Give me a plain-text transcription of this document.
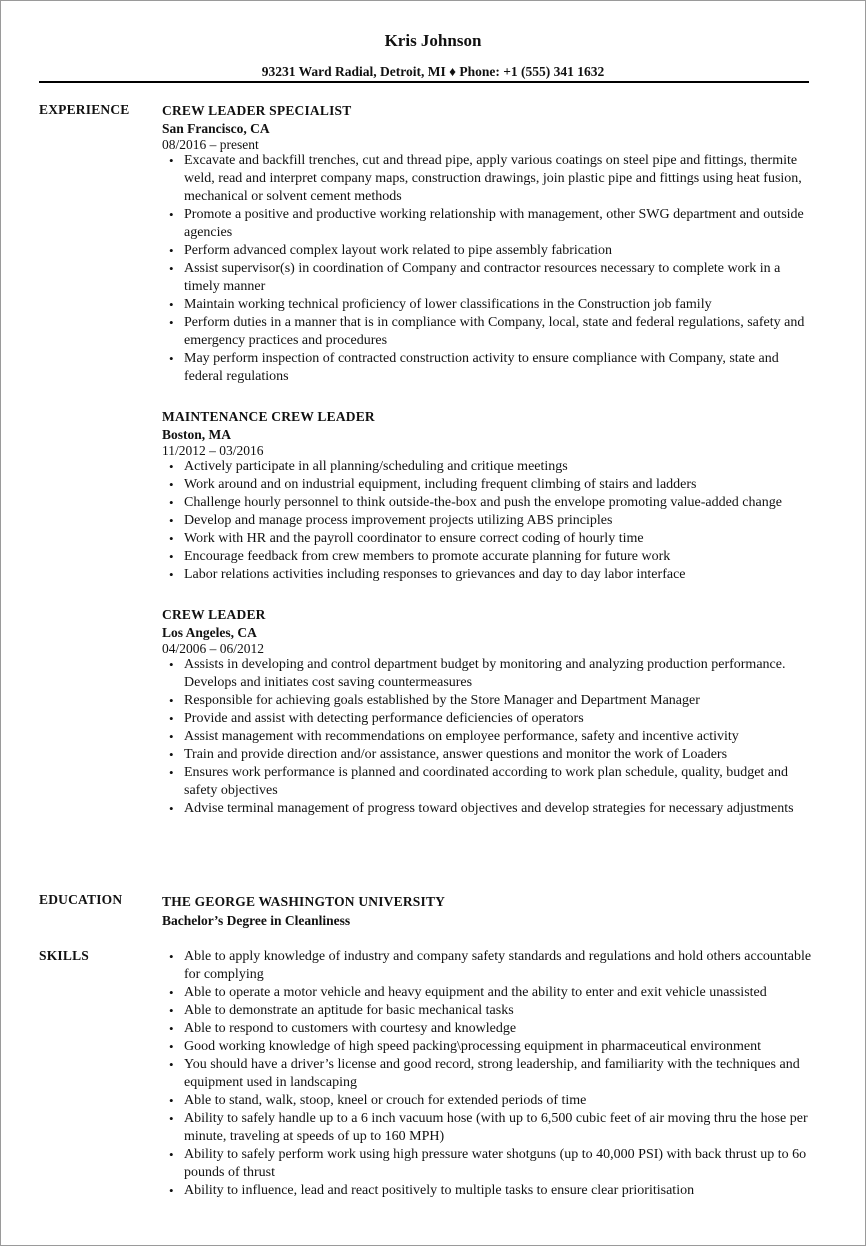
Kris Johnson
93231 Ward Radial, Detroit, MI ♦ Phone: +1 (555) 341 1632
EXPERIENCE CREW LEADER SPECIALIST
San Francisco, CA
08/2016 – present
• Excavate and backfill trenches, cut and thread pipe, apply various coatings on steel pipe and fittings, thermite weld, read and interpret company maps, construction drawings, join plastic pipe and fittings using heat fusion, mechanical or solvent cement methods
• Promote a positive and productive working relationship with management, other SWG department and outside agencies
• Perform advanced complex layout work related to pipe assembly fabrication
• Assist supervisor(s) in coordination of Company and contractor resources necessary to complete work in a timely manner
• Maintain working technical proficiency of lower classifications in the Construction job family
• Perform duties in a manner that is in compliance with Company, local, state and federal regulations, safety and emergency practices and procedures
• May perform inspection of contracted construction activity to ensure compliance with Company, state and federal regulations
MAINTENANCE CREW LEADER
Boston, MA
11/2012 – 03/2016
• Actively participate in all planning/scheduling and critique meetings
• Work around and on industrial equipment, including frequent climbing of stairs and ladders
• Challenge hourly personnel to think outside-the-box and push the envelope promoting value-added change
• Develop and manage process improvement projects utilizing ABS principles
• Work with HR and the payroll coordinator to ensure correct coding of hourly time
• Encourage feedback from crew members to promote accurate planning for future work
• Labor relations activities including responses to grievances and day to day labor interface
CREW LEADER
Los Angeles, CA
04/2006 – 06/2012
• Assists in developing and control department budget by monitoring and analyzing production performance. Develops and initiates cost saving countermeasures
• Responsible for achieving goals established by the Store Manager and Department Manager
• Provide and assist with detecting performance deficiencies of operators
• Assist management with recommendations on employee performance, safety and incentive activity
• Train and provide direction and/or assistance, answer questions and monitor the work of Loaders
• Ensures work performance is planned and coordinated according to work plan schedule, quality, budget and safety objectives
• Advise terminal management of progress toward objectives and develop strategies for necessary adjustments
EDUCATION	THE GEORGE WASHINGTON UNIVERSITY
Bachelor’s Degree in Cleanliness
SKILLS
•	Able to apply knowledge of industry and company safety standards and regulations and hold others accountable for complying
• Able to operate a motor vehicle and heavy equipment and the ability to enter and exit vehicle unassisted
• Able to demonstrate an aptitude for basic mechanical tasks
• Able to respond to customers with courtesy and knowledge
• Good working knowledge of high speed packing\processing equipment in pharmaceutical environment
• You should have a driver’s license and good record, strong leadership, and familiarity with the techniques and equipment used in landscaping
• Able to stand, walk, stoop, kneel or crouch for extended periods of time
• Ability to safely handle up to a 6 inch vacuum hose (with up to 6,500 cubic feet of air moving thru the hose per minute, traveling at speeds of up to 160 MPH)
• Ability to safely perform work using high pressure water shotguns (up to 40,000 PSI) with back thrust up to 6o pounds of thrust
• Ability to influence, lead and react positively to multiple tasks to ensure clear prioritisation
